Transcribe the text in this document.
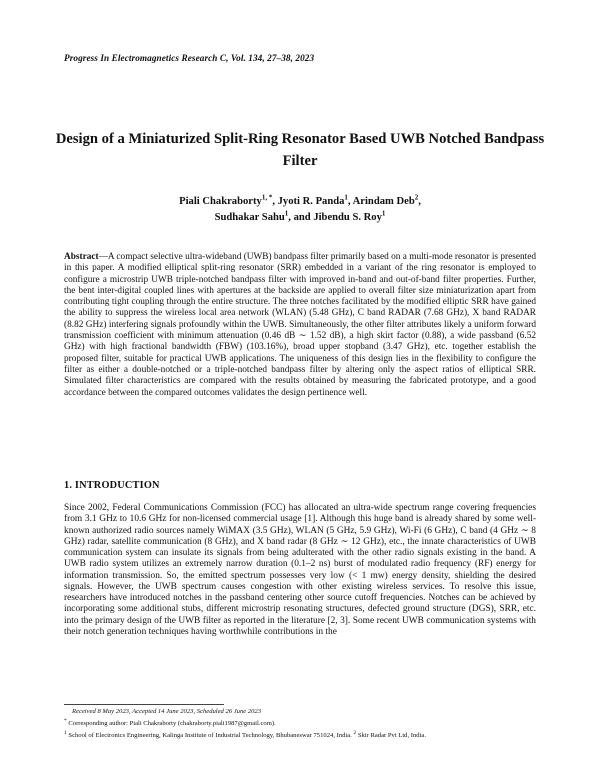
Progress In Electromagnetics Research C, Vol. 134, 27–38, 2023
Design of a Miniaturized Split-Ring Resonator Based UWB Notched Bandpass Filter
Piali Chakraborty$^{1, *}$, Jyoti R. Panda$^1$, Arindam Deb$^2$,
Sudhakar Sahu$^1$, and Jibendu S. Roy$^1$

Abstract—A compact selective ultra-wideband (UWB) bandpass filter primarily based on a multi-mode resonator is presented in this paper. A modified elliptical split-ring resonator (SRR) embedded in a variant of the ring resonator is employed to configure a microstrip UWB triple-notched bandpass filter with improved in-band and out-of-band filter properties. Further, the bent inter-digital coupled lines with apertures at the backside are applied to overall filter size miniaturization apart from contributing tight coupling through the entire structure. The three notches facilitated by the modified elliptic SRR have gained the ability to suppress the wireless local area network (WLAN) (5.48 GHz), C band RADAR (7.68 GHz), X band RADAR (8.82 GHz) interfering signals profoundly within the UWB. Simultaneously, the other filter attributes likely a uniform forward transmission coefficient with minimum attenuation (0.46 dB ∼ 1.52 dB), a high skirt factor (0.88), a wide passband (6.52 GHz) with high fractional bandwidth (FBW) (103.16%), broad upper stopband (3.47 GHz), etc. together establish the proposed filter, suitable for practical UWB applications. The uniqueness of this design lies in the flexibility to configure the filter as either a double-notched or a triple-notched bandpass filter by altering only the aspect ratios of elliptical SRR. Simulated filter characteristics are compared with the results obtained by measuring the fabricated prototype, and a good accordance between the compared outcomes validates the design pertinence well.

1. INTRODUCTION

Since 2002, Federal Communications Commission (FCC) has allocated an ultra-wide spectrum range covering frequencies from 3.1 GHz to 10.6 GHz for non-licensed commercial usage [1]. Although this huge band is already shared by some well-known authorized radio sources namely WiMAX (3.5 GHz), WLAN (5 GHz, 5.9 GHz), Wi-Fi (6 GHz), C band (4 GHz ∼ 8 GHz) radar, satellite communication (8 GHz), and X band radar (8 GHz ∼ 12 GHz), etc., the innate characteristics of UWB communication system can insulate its signals from being adulterated with the other radio signals existing in the band. A UWB radio system utilizes an extremely narrow duration (0.1–2 ns) burst of modulated radio frequency (RF) energy for information transmission. So, the emitted spectrum possesses very low (< 1 mw) energy density, shielding the desired signals. However, the UWB spectrum causes congestion with other existing wireless services. To resolve this issue, researchers have introduced notches in the passband centering other source cutoff frequencies. Notches can be achieved by incorporating some additional stubs, different microstrip resonating structures, defected ground structure (DGS), SRR, etc. into the primary design of the UWB filter as reported in the literature [2, 3]. Some recent UWB communication systems with their notch generation techniques having worthwhile contributions in the

Received 8 May 2023, Accepted 14 June 2023, Scheduled 26 June 2023

* Corresponding author: Piali Chakraborty (chakraborty.piali1987@gmail.com).

$^1$ School of Electronics Engineering, Kalinga Institute of Industrial Technology, Bhubaneswar 751024, India. $^2$ Skir Radar Pvt Ltd, India.
